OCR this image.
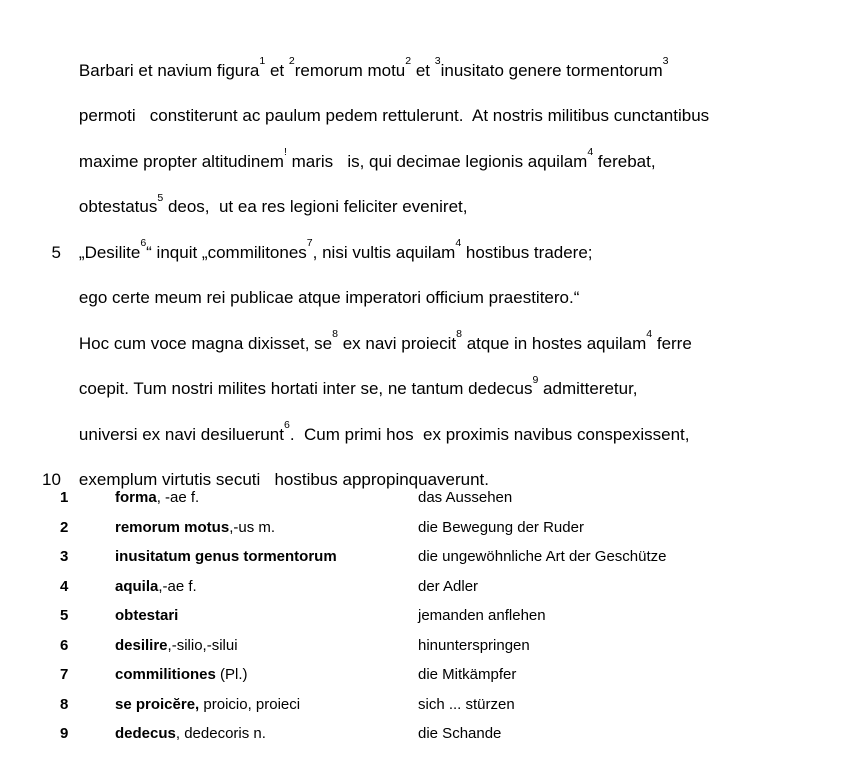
Barbari et navium figura$^1$ et $^2$remorum motu$^2$ et $^3$inusitato genere tormentorum$^3$

permoti   constiterunt ac paulum pedem rettulerunt.  At nostris militibus cunctantibus

maxime propter altitudinem! maris   is, qui decimae legionis aquilam$^4$ ferebat,

obtestatus$^5$ deos,  ut ea res legioni feliciter eveniret,

5 „Desilite$^6$“ inquit „commilitones$^7$, nisi vultis aquilam$^4$ hostibus tradere;

ego certe meum rei publicae atque imperatori officium praestitero.“

Hoc cum voce magna dixisset, se$^8$ ex navi proiecit$^8$ atque in hostes aquilam$^4$ ferre

coepit. Tum nostri milites hortati inter se, ne tantum dedecus$^9$ admitteretur,

universi ex navi desiluerunt$^6$.  Cum primi hos  ex proximis navibus conspexissent,

10 exemplum virtutis secuti   hostibus appropinquaverunt.

1	forma, -ae f.	das Aussehen
2	remorum motus,-us m.	die Bewegung der Ruder
3	inusitatum genus tormentorum	die ungewöhnliche Art der Geschütze
4	aquila,-ae f.	der Adler
5	obtestari	jemanden anflehen
6	desilire,-silio,-silui	hinunterspringen
7	commilitiones (Pl.)	die Mitkämpfer
8	se proicĕre, proicio, proieci	sich ... stürzen
9	dedecus, dedecoris n.	die Schande
